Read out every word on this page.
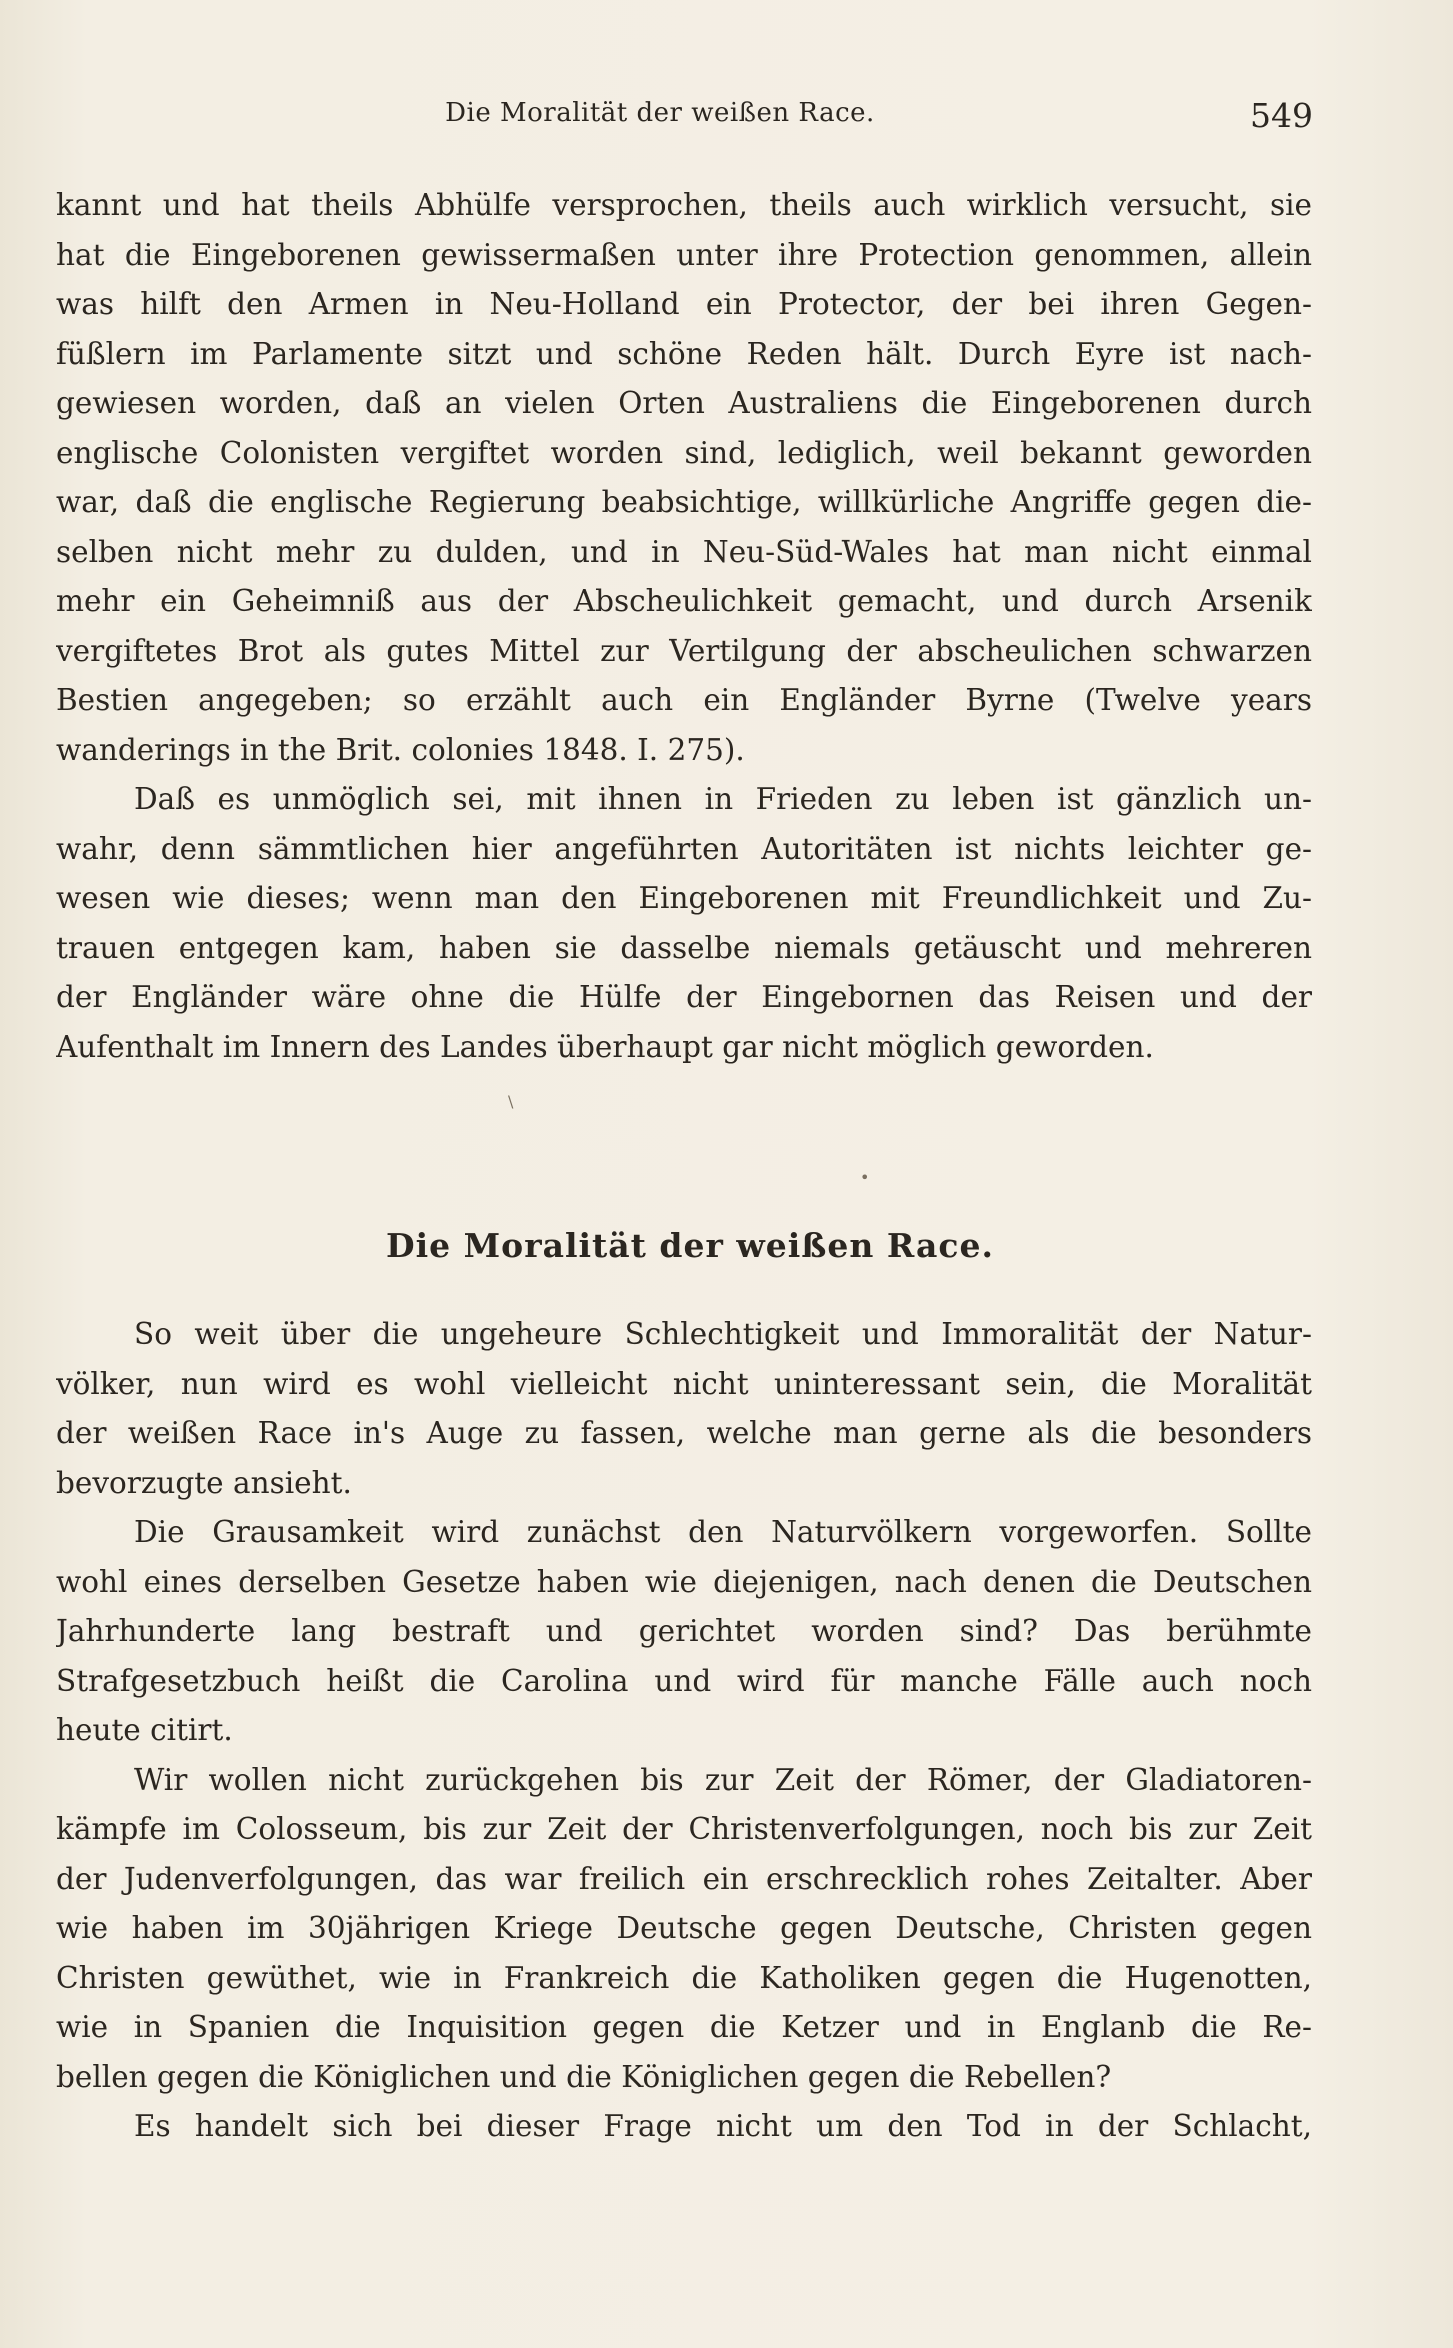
Die Moralität der weißen Race.	549
kannt und hat theils Abhülfe versprochen, theils auch wirklich versucht, sie
hat die Eingeborenen gewissermaßen unter ihre Protection genommen, allein
was hilft den Armen in Neu-Holland ein Protector, der bei ihren Gegen-
füßlern im Parlamente sitzt und schöne Reden hält. Durch Eyre ist nach-
gewiesen worden, daß an vielen Orten Australiens die Eingeborenen durch
englische Colonisten vergiftet worden sind, lediglich, weil bekannt geworden
war, daß die englische Regierung beabsichtige, willkürliche Angriffe gegen die-
selben nicht mehr zu dulden, und in Neu-Süd-Wales hat man nicht einmal
mehr ein Geheimniß aus der Abscheulichkeit gemacht, und durch Arsenik
vergiftetes Brot als gutes Mittel zur Vertilgung der abscheulichen schwarzen
Bestien angegeben; so erzählt auch ein Engländer Byrne (Twelve years
wanderings in the Brit. colonies 1848. I. 275).
Daß es unmöglich sei, mit ihnen in Frieden zu leben ist gänzlich un-
wahr, denn sämmtlichen hier angeführten Autoritäten ist nichts leichter ge-
wesen wie dieses; wenn man den Eingeborenen mit Freundlichkeit und Zu-
trauen entgegen kam, haben sie dasselbe niemals getäuscht und mehreren
der Engländer wäre ohne die Hülfe der Eingebornen das Reisen und der
Aufenthalt im Innern des Landes überhaupt gar nicht möglich geworden.
\
•
Die Moralität der weißen Race.
So weit über die ungeheure Schlechtigkeit und Immoralität der Natur-
völker, nun wird es wohl vielleicht nicht uninteressant sein, die Moralität
der weißen Race in's Auge zu fassen, welche man gerne als die besonders
bevorzugte ansieht.
Die Grausamkeit wird zunächst den Naturvölkern vorgeworfen. Sollte
wohl eines derselben Gesetze haben wie diejenigen, nach denen die Deutschen
Jahrhunderte lang bestraft und gerichtet worden sind? Das berühmte
Strafgesetzbuch heißt die Carolina und wird für manche Fälle auch noch
heute citirt.
Wir wollen nicht zurückgehen bis zur Zeit der Römer, der Gladiatoren-
kämpfe im Colosseum, bis zur Zeit der Christenverfolgungen, noch bis zur Zeit
der Judenverfolgungen, das war freilich ein erschrecklich rohes Zeitalter. Aber
wie haben im 30jährigen Kriege Deutsche gegen Deutsche, Christen gegen
Christen gewüthet, wie in Frankreich die Katholiken gegen die Hugenotten,
wie in Spanien die Inquisition gegen die Ketzer und in Englanb die Re-
bellen gegen die Königlichen und die Königlichen gegen die Rebellen?
Es handelt sich bei dieser Frage nicht um den Tod in der Schlacht,
